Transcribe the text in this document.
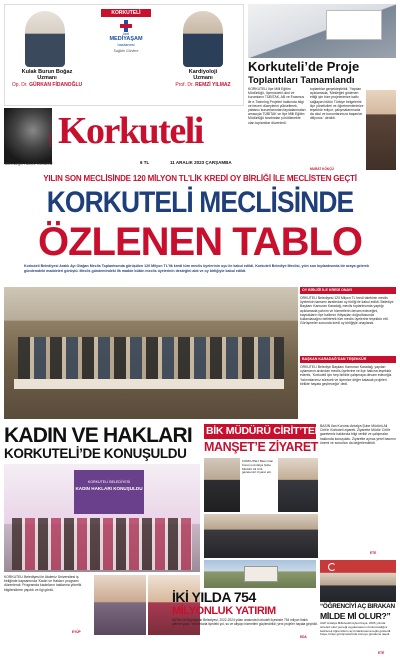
KORKUTELİ
özel
MEDİYAŞAM
hastanesi
Sağlıklı Günlere
Kulak Burun Boğaz
Uzmanı
Op. Dr. GÜRKAN FİDANOĞLU
Kardiyoloji
Uzmanı
Prof. Dr. REMZİ YILMAZ
Korkuteli’de Proje
Toplantıları Tamamlandı
KORKUTELİ İlçe Milli Eğitim Müdürlüğü, İlçemizdeki okul ve kurumların TÜBİTAK, AB ve Erasmus ile e-Twinning Projeleri hakkında bilgi ve beceri düzeylerini yükseltmek, yabancı kurumlarından faydalanmaları amacıyla TÜBİTAK ve İlçe Milli Eğitim Müdürlüğü tarafından yürütülmekte olan toplantılar düzenledi.
toplantılar gerçekleştirildi. 'Yapılan açıklamada, 'Mesleğini güdenen ettiği için bize projelerimize katkı sağlayan bütün Türkiye belgelerini ilçe yöneticileri ve öğretmenlerimize teşekkür ediyor, çalışmalarımızda da okul ve kurumlarımıza başarılar diliyoruz.' denildi.
MURAT KÖKÇÜ
GAZETESİ Korkuteli
'Gücendeğer Hizmeti Tek Adresi'	6 TL	11 ARALIK 2023 ÇARŞAMBA
YILIN SON MECLİSİNDE 120 MİLYON TL’LİK KREDİ OY BİRLİĞİ İLE MECLİSTEN GEÇTİ
KORKUTELİ MECLİSİNDE
ÖZLENEN TABLO
Korkuteli Belediyesi Aralık Ayı Olağan Meclis Toplantısında görüşülen 120 Milyon TL’lik kredi tüm meclis üyelerinin oyu ile kabul edildi. Korkuteli Belediye Meclisi, yılın son toplantısında bir araya gelerek gündemdeki maddeleri görüştü. Meclis gündemindeki ilk madde bütün meclis üyelerinin desteğini aldı ve oy birliğiyle kabul edildi.
OY BİRLİĞİ İLE KREDİ ONAYI
ORKUTELİ Belediyesi 120 Milyon TL kredi talebinin meclis üyelerinin tamamı tarafından oy birliği ile kabul edildi. Belediye Başkanı Kamuran Karadağ, meclis toplantısında yaptığı açıklamada yatırım ve hizmetlerin devam edeceğini, kaynakların ilçe halkının ihtiyaçları doğrultusunda kullanılacağını belirterek tüm meclis üyelerine teşekkür etti. Görüşmeler sonunda kredi oy birliğiyle onaylandı.
BAŞKAN KARADAĞ’DAN TEŞEKKÜR
ORKUTELİ Belediye Başkanı Kamuran Karadağ, yapılan oylamanın ardından meclis üyelerine ve ilçe halkına teşekkür ederek, 'Korkuteli için hep birlikte çalışmaya devam edeceğiz. Yatırımlarımız sürecek ve ilçemize değer katacak projeleri birlikte hayata geçireceğiz' dedi.
KADIN VE HAKLARI
KORKUTELİ’DE KONUŞULDU
KORKUTELİ BELEDİYESİ
KADIN HAKLARI KONUŞULDU
KORKUTELİ Belediyesi ile Akdeniz Üniversitesi iş birliğinde kapsamında 'Kadın ve Hakları' programı düzenlendi. Programda kadınların haklarına yönelik bilgilendirme yapıldı ve ilgi gördü.
EYÜP
BİK MÜDÜRÜ CİRİT’TEN
MANŞET’E ZİYARET
KORKUTELİ Basın İlan Kurumu Antalya Şube Müdürü Ali Cirit, gazetemizi ziyaret etti.
BASIN İlan Kurumu Antalya Şube Müdürü Ali Cirit'in Korkuteli ziyareti. Ziyarette Müdür Cirit'e gazetemiz hakkında bilgi verildi ve çalışmalar hakkında konuşuldu. Ziyarette ayrıca yerel basının önemi ve sorunları da değerlendirildi.
ETE
İKİ YILDA 754
MİLYONLUK YATIRIM
ANTALYA Büyükşehir Belediyesi, 2022-2024 yılları arasında Korkuteli ilçesinde 754 milyon liralık yatırım yaptı. Yatırımlarla ilçedeki yol, su ve altyapı hizmetleri güçlendirildi; yeni projeler hayata geçirildi.
EDA
“ÖĞRENCİYİ AÇ BIRAKAN
MİLDE Mİ OLUR?”
CHP Antalya Milletvekili Aykut Kaya, 2025 yılında ücretsiz okul yemeği uygulamasının bulunmadığını belirterek öğrencilerin aç bırakılmasına tepki gösterdi. Kaya, bütçe görüşmelerinde konuyu gündeme taşıdı.
ETE
